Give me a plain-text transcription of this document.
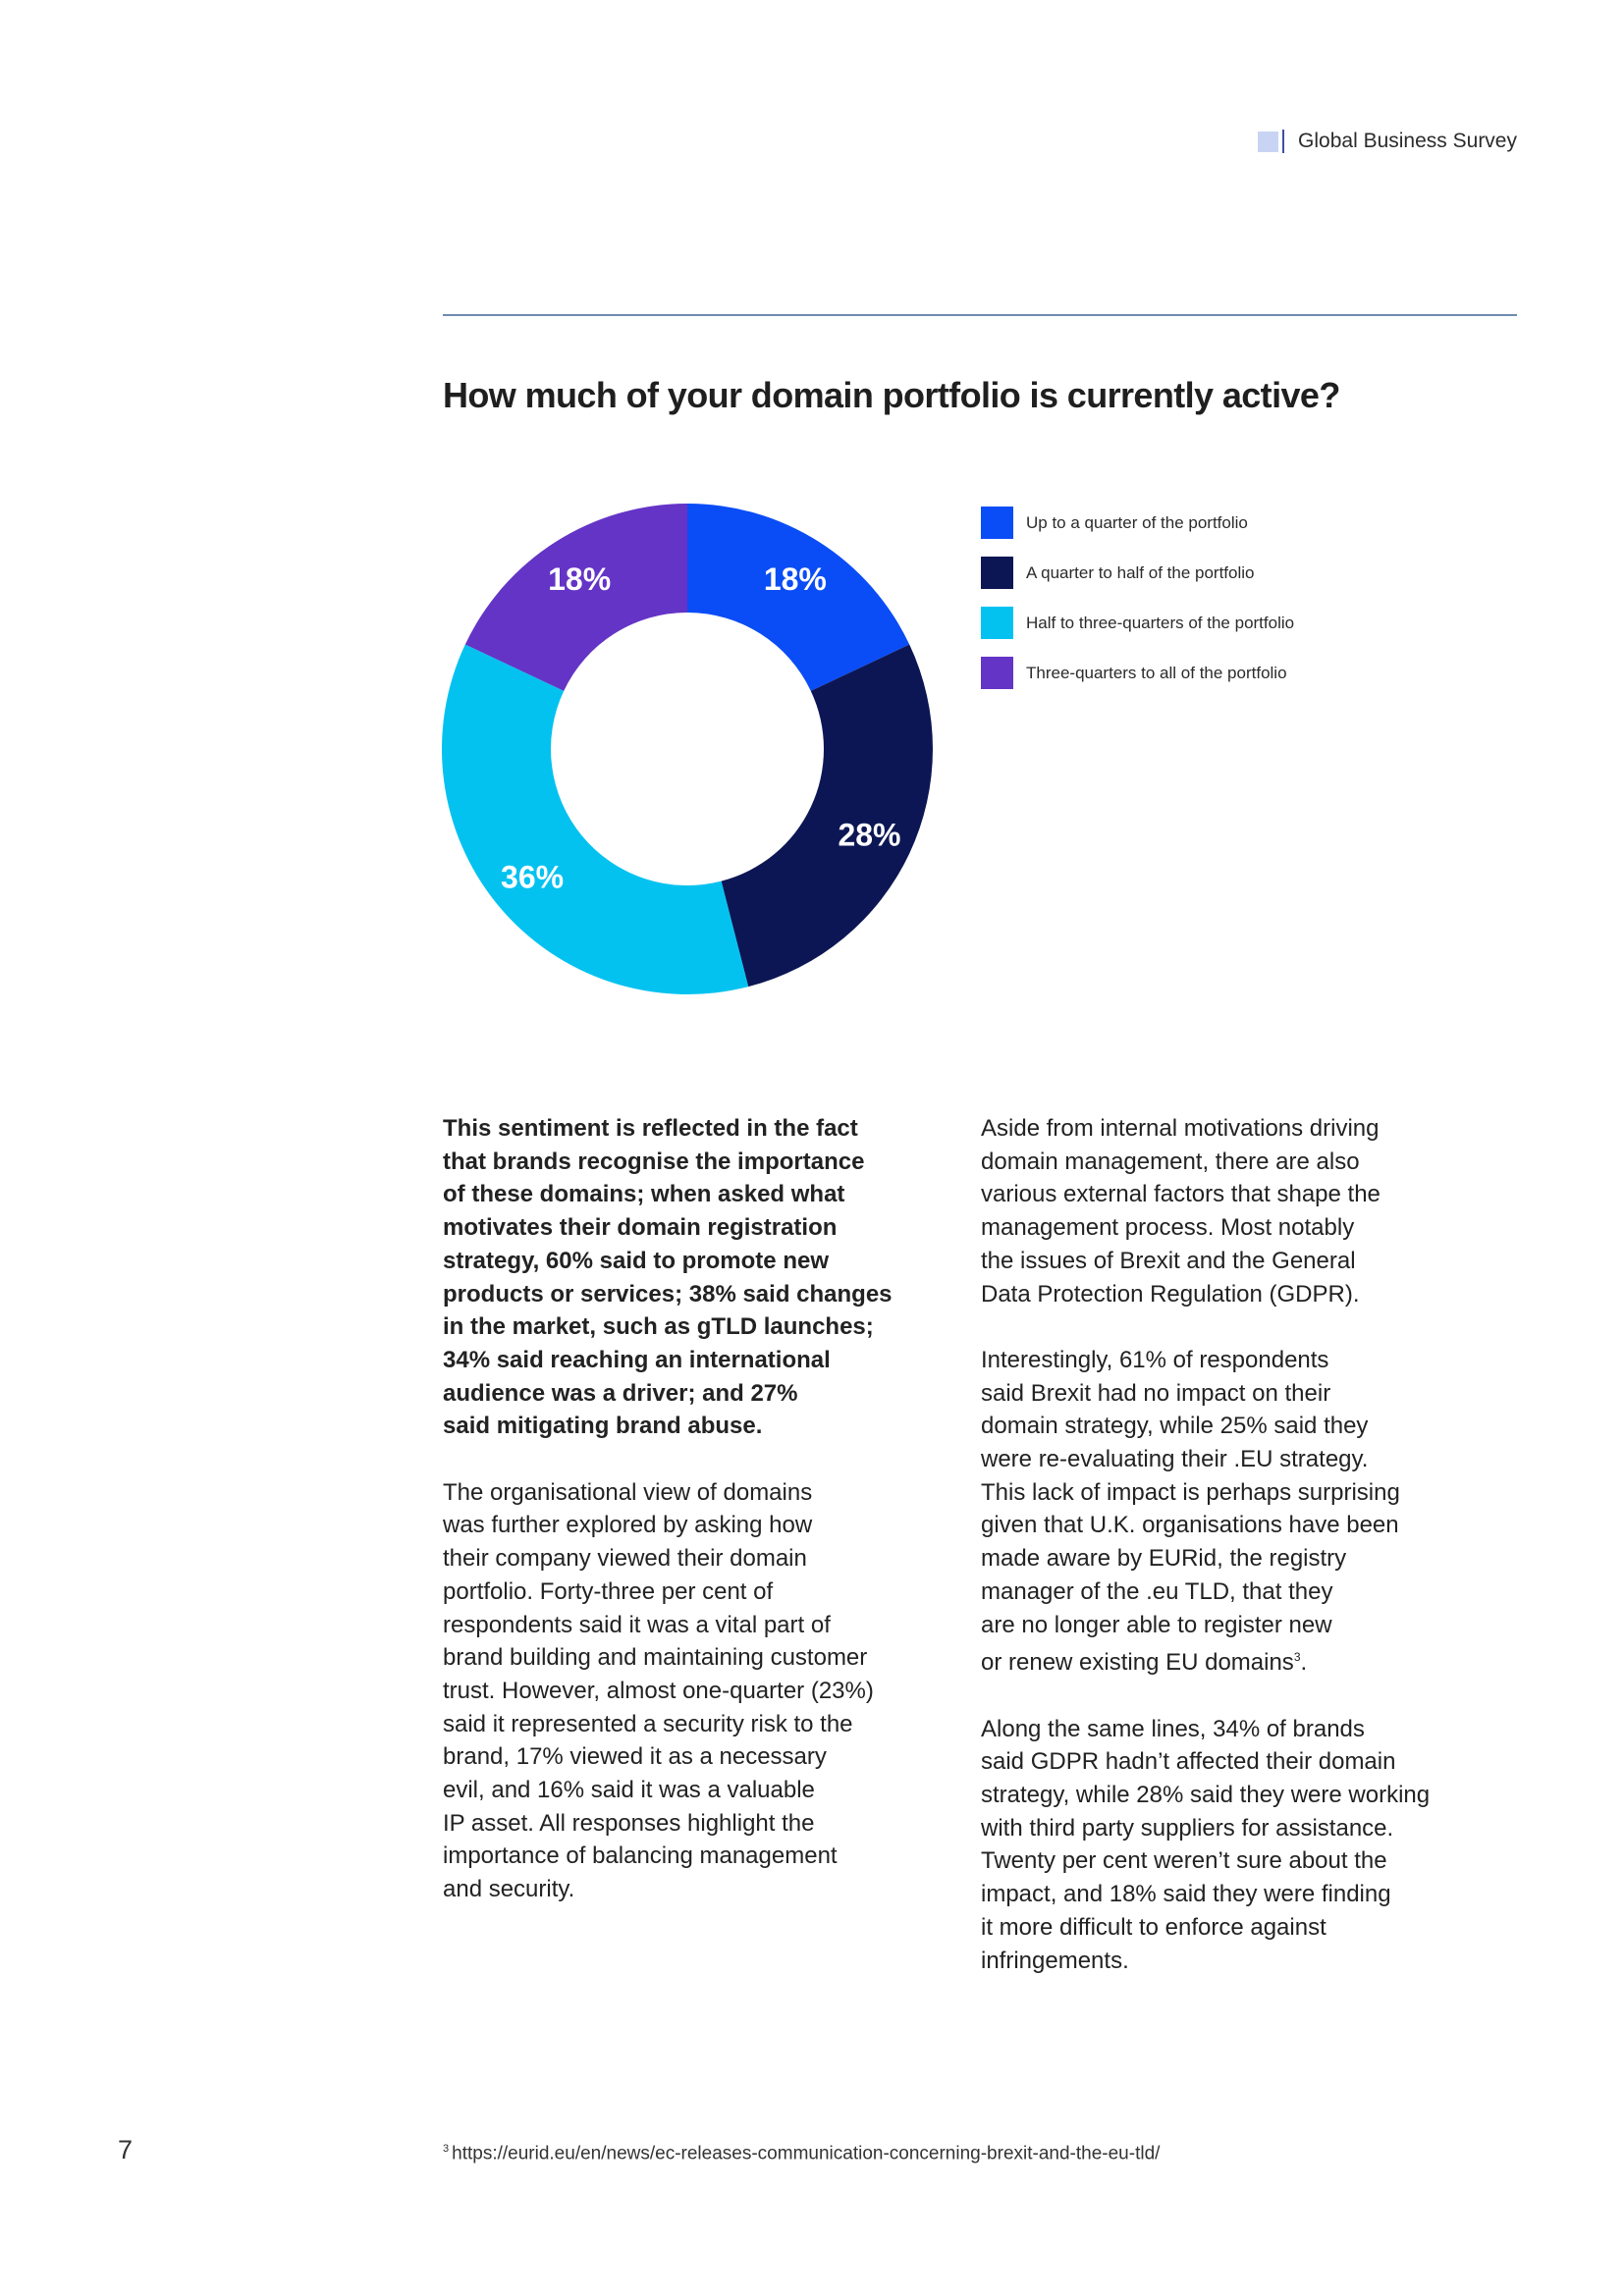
Global Business Survey
How much of your domain portfolio is currently active?
18%
28%
36%
18%
Up to a quarter of the portfolio
A quarter to half of the portfolio
Half to three-quarters of the portfolio
Three-quarters to all of the portfolio

This sentiment is reflected in the fact
that brands recognise the importance
of these domains; when asked what
motivates their domain registration
strategy, 60% said to promote new
products or services; 38% said changes
in the market, such as gTLD launches;
34% said reaching an international
audience was a driver; and 27%
said mitigating brand abuse.

The organisational view of domains
was further explored by asking how
their company viewed their domain
portfolio. Forty-three per cent of
respondents said it was a vital part of
brand building and maintaining customer
trust. However, almost one-quarter (23%)
said it represented a security risk to the
brand, 17% viewed it as a necessary
evil, and 16% said it was a valuable
IP asset. All responses highlight the
importance of balancing management
and security.

Aside from internal motivations driving
domain management, there are also
various external factors that shape the
management process. Most notably
the issues of Brexit and the General
Data Protection Regulation (GDPR).

Interestingly, 61% of respondents
said Brexit had no impact on their
domain strategy, while 25% said they
were re-evaluating their .EU strategy.
This lack of impact is perhaps surprising
given that U.K. organisations have been
made aware by EURid, the registry
manager of the .eu TLD, that they
are no longer able to register new
or renew existing EU domains$^3$.

Along the same lines, 34% of brands
said GDPR hadn’t affected their domain
strategy, while 28% said they were working
with third party suppliers for assistance.
Twenty per cent weren’t sure about the
impact, and 18% said they were finding
it more difficult to enforce against
infringements.

7	$^3$ https://eurid.eu/en/news/ec-releases-communication-concerning-brexit-and-the-eu-tld/
